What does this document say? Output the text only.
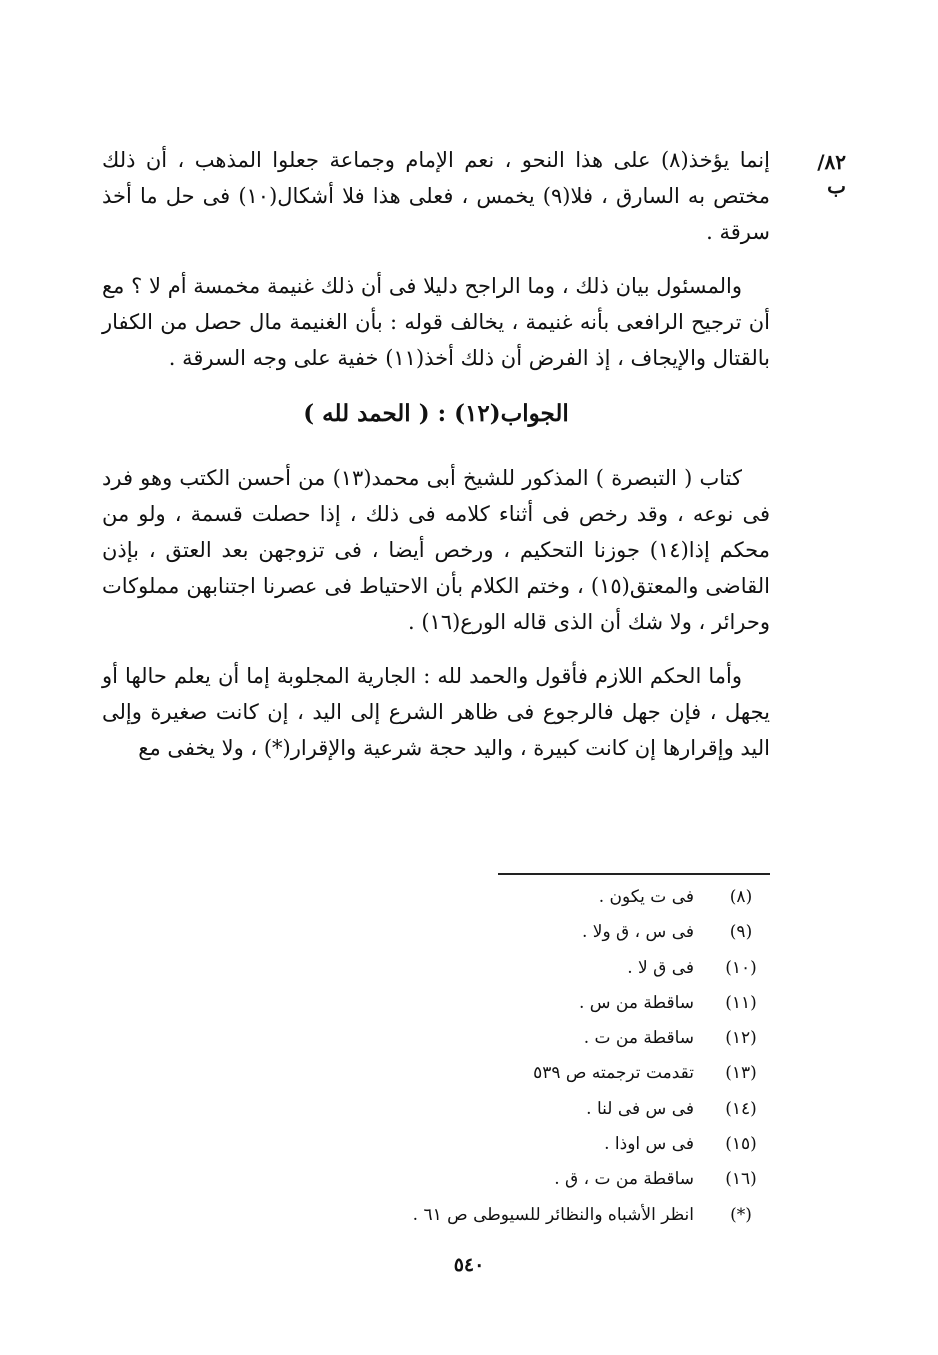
٨٢/ب

إنما يؤخذ(٨) على هذا النحو ، نعم الإمام وجماعة جعلوا المذهب ، أن ذلك مختص به السارق ، فلا(٩) يخمس ، فعلى هذا فلا أشكال(١٠) فى حل ما أخذ سرقة .

والمسئول بيان ذلك ، وما الراجح دليلا فى أن ذلك غنيمة مخمسة أم لا ؟ مع أن ترجيح الرافعى بأنه غنيمة ، يخالف قوله : بأن الغنيمة مال حصل من الكفار بالقتال والإيجاف ، إذ الفرض أن ذلك أخذ(١١) خفية على وجه السرقة .

الجواب(١٢) : ( الحمد لله )

كتاب ( التبصرة ) المذكور للشيخ أبى محمد(١٣) من أحسن الكتب وهو فرد فى نوعه ، وقد رخص فى أثناء كلامه فى ذلك ، إذا حصلت قسمة ، ولو من محكم إذا(١٤) جوزنا التحكيم ، ورخص أيضا ، فى تزوجهن بعد العتق ، بإذن القاضى والمعتق(١٥) ، وختم الكلام بأن الاحتياط فى عصرنا اجتنابهن مملوكات وحرائر ، ولا شك أن الذى قاله الورع(١٦) .

وأما الحكم اللازم فأقول والحمد لله : الجارية المجلوبة إما أن يعلم حالها أو يجهل ، فإن جهل فالرجوع فى ظاهر الشرع إلى اليد ، إن كانت صغيرة وإلى اليد وإقرارها إن كانت كبيرة ، واليد حجة شرعية والإقرار(*) ، ولا يخفى مع

(٨)
فى ت يكون .
(٩)
فى س ، ق ولا .
(١٠)
فى ق لا .
(١١)
ساقطة من س .
(١٢)
ساقطة من ت .
(١٣)
تقدمت ترجمته ص ٥٣٩
(١٤)
فى س فى لنا .
(١٥)
فى س اوذا .
(١٦)
ساقطة من ت ، ق .
(*)
انظر الأشباه والنظائر للسيوطى ص ٦١ .
٥٤٠
